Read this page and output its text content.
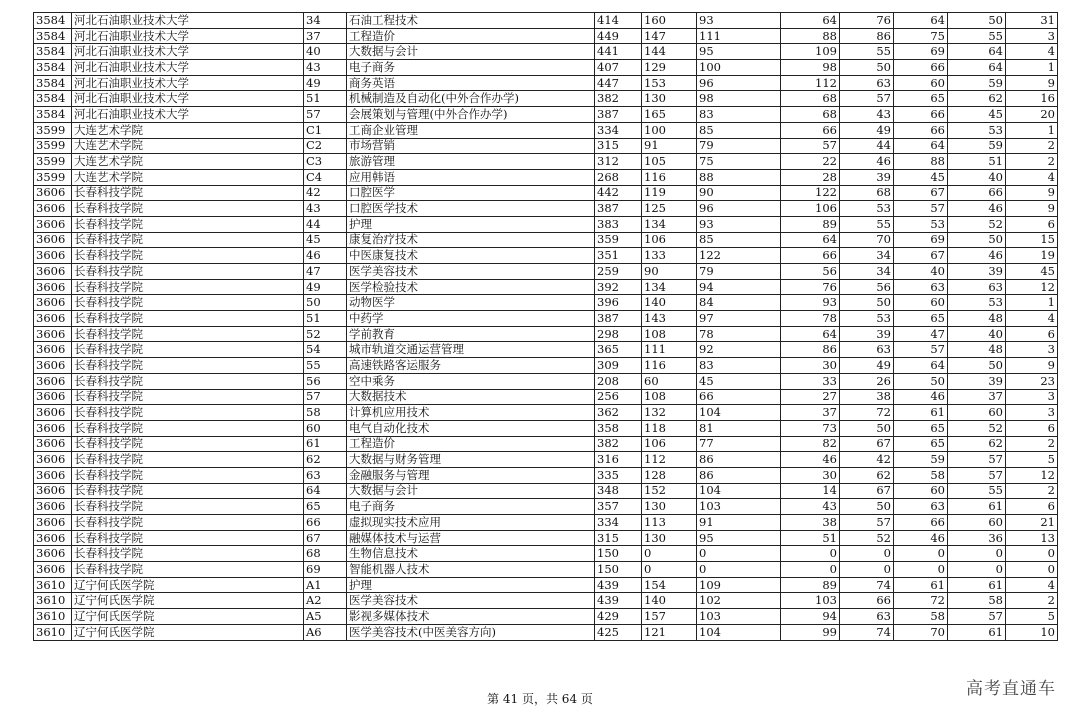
3584	河北石油职业技术大学	34	石油工程技术	414	160	93	64	76	64	50	31
3584	河北石油职业技术大学	37	工程造价	449	147	111	88	86	75	55	3
3584	河北石油职业技术大学	40	大数据与会计	441	144	95	109	55	69	64	4
3584	河北石油职业技术大学	43	电子商务	407	129	100	98	50	66	64	1
3584	河北石油职业技术大学	49	商务英语	447	153	96	112	63	60	59	9
3584	河北石油职业技术大学	51	机械制造及自动化(中外合作办学)	382	130	98	68	57	65	62	16
3584	河北石油职业技术大学	57	会展策划与管理(中外合作办学)	387	165	83	68	43	66	45	20
3599	大连艺术学院	C1	工商企业管理	334	100	85	66	49	66	53	1
3599	大连艺术学院	C2	市场营销	315	91	79	57	44	64	59	2
3599	大连艺术学院	C3	旅游管理	312	105	75	22	46	88	51	2
3599	大连艺术学院	C4	应用韩语	268	116	88	28	39	45	40	4
3606	长春科技学院	42	口腔医学	442	119	90	122	68	67	66	9
3606	长春科技学院	43	口腔医学技术	387	125	96	106	53	57	46	9
3606	长春科技学院	44	护理	383	134	93	89	55	53	52	6
3606	长春科技学院	45	康复治疗技术	359	106	85	64	70	69	50	15
3606	长春科技学院	46	中医康复技术	351	133	122	66	34	67	46	19
3606	长春科技学院	47	医学美容技术	259	90	79	56	34	40	39	45
3606	长春科技学院	49	医学检验技术	392	134	94	76	56	63	63	12
3606	长春科技学院	50	动物医学	396	140	84	93	50	60	53	1
3606	长春科技学院	51	中药学	387	143	97	78	53	65	48	4
3606	长春科技学院	52	学前教育	298	108	78	64	39	47	40	6
3606	长春科技学院	54	城市轨道交通运营管理	365	111	92	86	63	57	48	3
3606	长春科技学院	55	高速铁路客运服务	309	116	83	30	49	64	50	9
3606	长春科技学院	56	空中乘务	208	60	45	33	26	50	39	23
3606	长春科技学院	57	大数据技术	256	108	66	27	38	46	37	3
3606	长春科技学院	58	计算机应用技术	362	132	104	37	72	61	60	3
3606	长春科技学院	60	电气自动化技术	358	118	81	73	50	65	52	6
3606	长春科技学院	61	工程造价	382	106	77	82	67	65	62	2
3606	长春科技学院	62	大数据与财务管理	316	112	86	46	42	59	57	5
3606	长春科技学院	63	金融服务与管理	335	128	86	30	62	58	57	12
3606	长春科技学院	64	大数据与会计	348	152	104	14	67	60	55	2
3606	长春科技学院	65	电子商务	357	130	103	43	50	63	61	6
3606	长春科技学院	66	虚拟现实技术应用	334	113	91	38	57	66	60	21
3606	长春科技学院	67	融媒体技术与运营	315	130	95	51	52	46	36	13
3606	长春科技学院	68	生物信息技术	150	0	0	0	0	0	0	0
3606	长春科技学院	69	智能机器人技术	150	0	0	0	0	0	0	0
3610	辽宁何氏医学院	A1	护理	439	154	109	89	74	61	61	4
3610	辽宁何氏医学院	A2	医学美容技术	439	140	102	103	66	72	58	2
3610	辽宁何氏医学院	A5	影视多媒体技术	429	157	103	94	63	58	57	5
3610	辽宁何氏医学院	A6	医学美容技术(中医美容方向)	425	121	104	99	74	70	61	10
第 41 页，共 64 页	高考直通车
